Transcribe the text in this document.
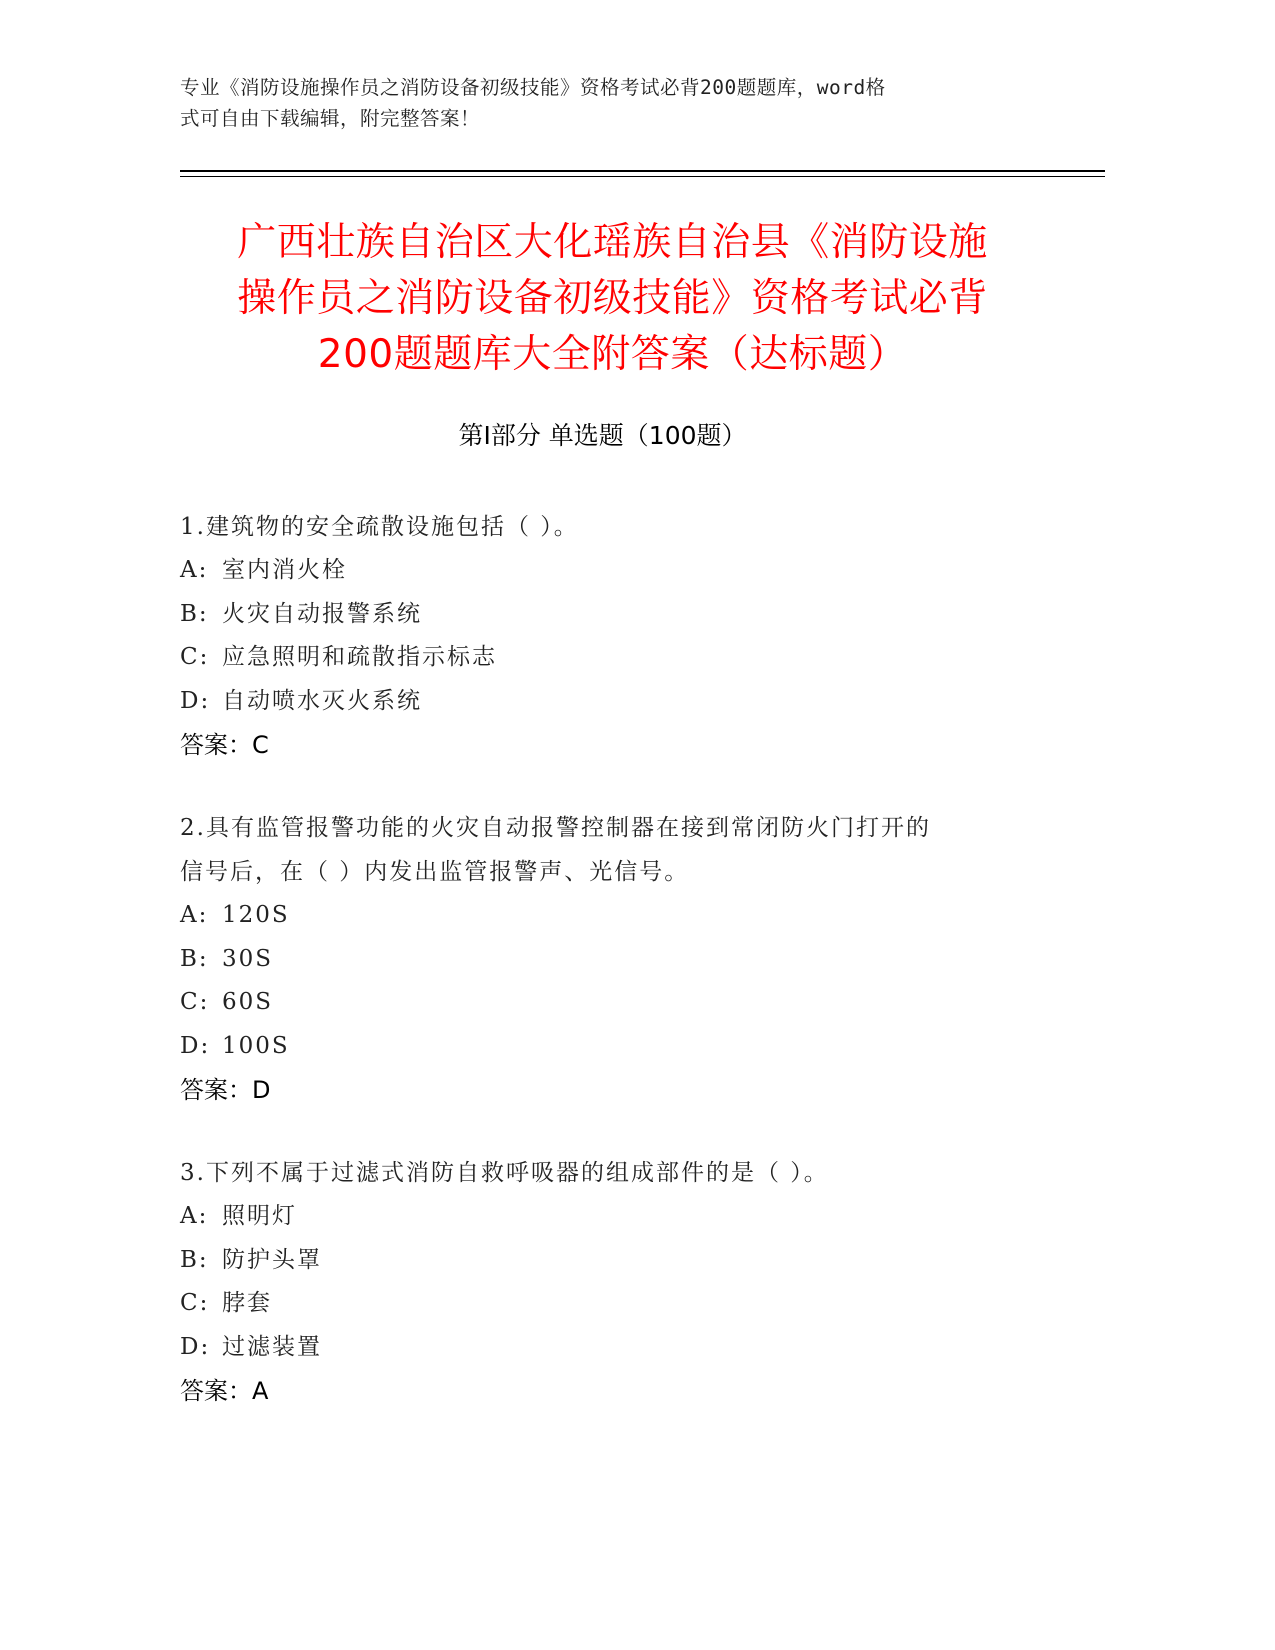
专业《消防设施操作员之消防设备初级技能》资格考试必背200题题库，word格
式可自由下载编辑，附完整答案！
广西壮族自治区大化瑶族自治县《消防设施
操作员之消防设备初级技能》资格考试必背
200题题库大全附答案（达标题）
第Ⅰ部分 单选题（100题）
1.建筑物的安全疏散设施包括（ ）。
A: 室内消火栓
B: 火灾自动报警系统
C: 应急照明和疏散指示标志
D: 自动喷水灭火系统
答案：C
2.具有监管报警功能的火灾自动报警控制器在接到常闭防火门打开的
信号后，在（ ）内发出监管报警声、光信号。
A: 120S
B: 30S
C: 60S
D: 100S
答案：D
3.下列不属于过滤式消防自救呼吸器的组成部件的是（ ）。
A: 照明灯
B: 防护头罩
C: 脖套
D: 过滤装置
答案：A
